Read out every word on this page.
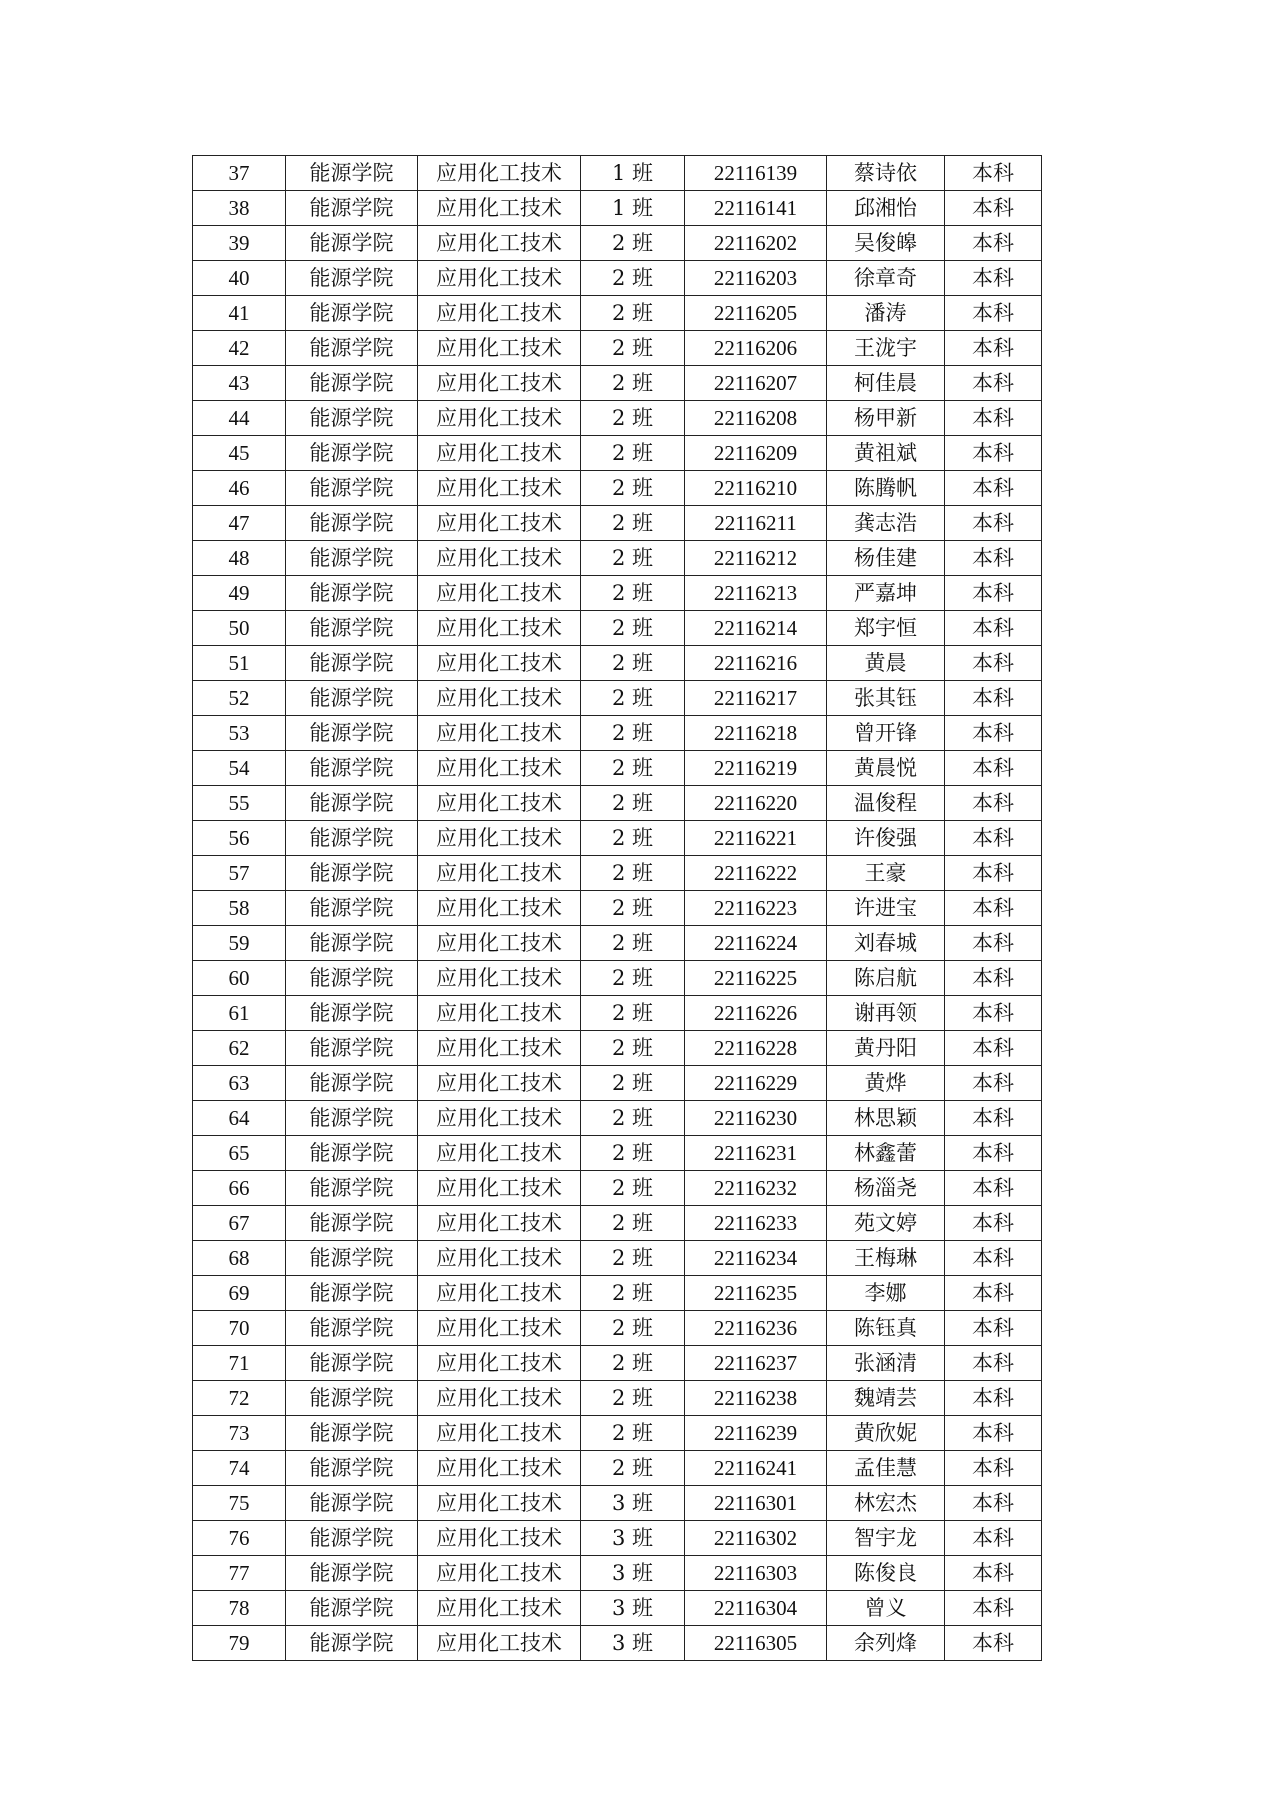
37	能源学院	应用化工技术	1 班	22116139	蔡诗依	本科
38	能源学院	应用化工技术	1 班	22116141	邱湘怡	本科
39	能源学院	应用化工技术	2 班	22116202	吴俊皞	本科
40	能源学院	应用化工技术	2 班	22116203	徐章奇	本科
41	能源学院	应用化工技术	2 班	22116205	潘涛	本科
42	能源学院	应用化工技术	2 班	22116206	王泷宇	本科
43	能源学院	应用化工技术	2 班	22116207	柯佳晨	本科
44	能源学院	应用化工技术	2 班	22116208	杨甲新	本科
45	能源学院	应用化工技术	2 班	22116209	黄祖斌	本科
46	能源学院	应用化工技术	2 班	22116210	陈腾帆	本科
47	能源学院	应用化工技术	2 班	22116211	龚志浩	本科
48	能源学院	应用化工技术	2 班	22116212	杨佳建	本科
49	能源学院	应用化工技术	2 班	22116213	严嘉坤	本科
50	能源学院	应用化工技术	2 班	22116214	郑宇恒	本科
51	能源学院	应用化工技术	2 班	22116216	黄晨	本科
52	能源学院	应用化工技术	2 班	22116217	张其钰	本科
53	能源学院	应用化工技术	2 班	22116218	曾开锋	本科
54	能源学院	应用化工技术	2 班	22116219	黄晨悦	本科
55	能源学院	应用化工技术	2 班	22116220	温俊程	本科
56	能源学院	应用化工技术	2 班	22116221	许俊强	本科
57	能源学院	应用化工技术	2 班	22116222	王豪	本科
58	能源学院	应用化工技术	2 班	22116223	许进宝	本科
59	能源学院	应用化工技术	2 班	22116224	刘春城	本科
60	能源学院	应用化工技术	2 班	22116225	陈启航	本科
61	能源学院	应用化工技术	2 班	22116226	谢再领	本科
62	能源学院	应用化工技术	2 班	22116228	黄丹阳	本科
63	能源学院	应用化工技术	2 班	22116229	黄烨	本科
64	能源学院	应用化工技术	2 班	22116230	林思颖	本科
65	能源学院	应用化工技术	2 班	22116231	林鑫蕾	本科
66	能源学院	应用化工技术	2 班	22116232	杨淄尧	本科
67	能源学院	应用化工技术	2 班	22116233	苑文婷	本科
68	能源学院	应用化工技术	2 班	22116234	王梅琳	本科
69	能源学院	应用化工技术	2 班	22116235	李娜	本科
70	能源学院	应用化工技术	2 班	22116236	陈钰真	本科
71	能源学院	应用化工技术	2 班	22116237	张涵清	本科
72	能源学院	应用化工技术	2 班	22116238	魏靖芸	本科
73	能源学院	应用化工技术	2 班	22116239	黄欣妮	本科
74	能源学院	应用化工技术	2 班	22116241	孟佳慧	本科
75	能源学院	应用化工技术	3 班	22116301	林宏杰	本科
76	能源学院	应用化工技术	3 班	22116302	智宇龙	本科
77	能源学院	应用化工技术	3 班	22116303	陈俊良	本科
78	能源学院	应用化工技术	3 班	22116304	曾义	本科
79	能源学院	应用化工技术	3 班	22116305	余列烽	本科
